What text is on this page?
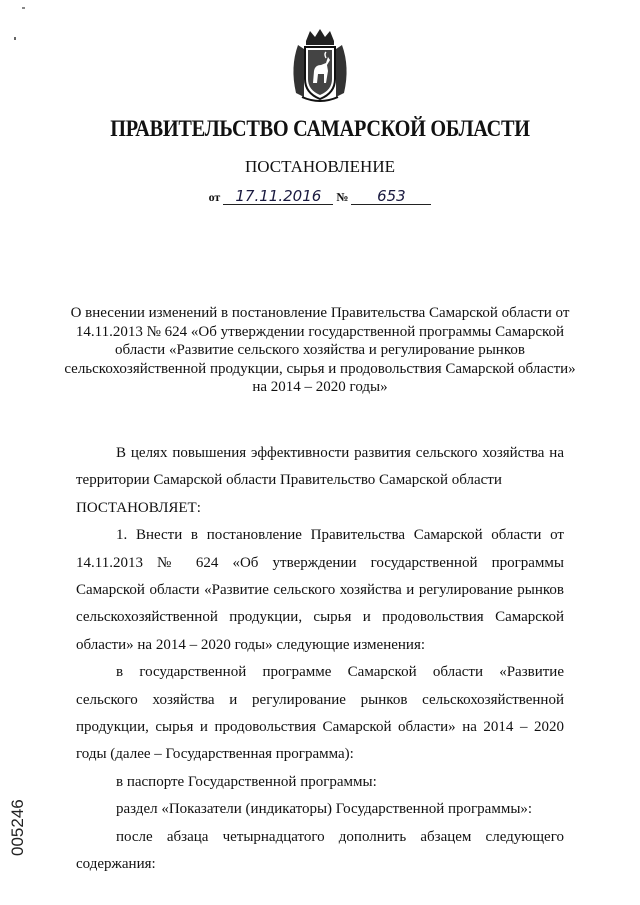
ПРАВИТЕЛЬСТВО САМАРСКОЙ ОБЛАСТИ
ПОСТАНОВЛЕНИЕ
от 17.11.2016 № 653
О внесении изменений в постановление Правительства Самарской области от 14.11.2013 № 624 «Об утверждении государственной программы Самарской области «Развитие сельского хозяйства и регулирование рынков сельскохозяйственной продукции, сырья и продовольствия Самарской области» на 2014 – 2020 годы»

В целях повышения эффективности развития сельского хозяйства на территории Самарской области Правительство Самарской области

ПОСТАНОВЛЯЕТ:

1. Внести в постановление Правительства Самарской области от 14.11.2013 № 624 «Об утверждении государственной программы Самарской области «Развитие сельского хозяйства и регулирование рынков сельскохозяйственной продукции, сырья и продовольствия Самарской области» на 2014 – 2020 годы» следующие изменения:

в государственной программе Самарской области «Развитие сельского хозяйства и регулирование рынков сельскохозяйственной продукции, сырья и продовольствия Самарской области» на 2014 – 2020 годы (далее – Государственная программа):

в паспорте Государственной программы:

раздел «Показатели (индикаторы) Государственной программы»:

после абзаца четырнадцатого дополнить абзацем следующего содержания:

005246
